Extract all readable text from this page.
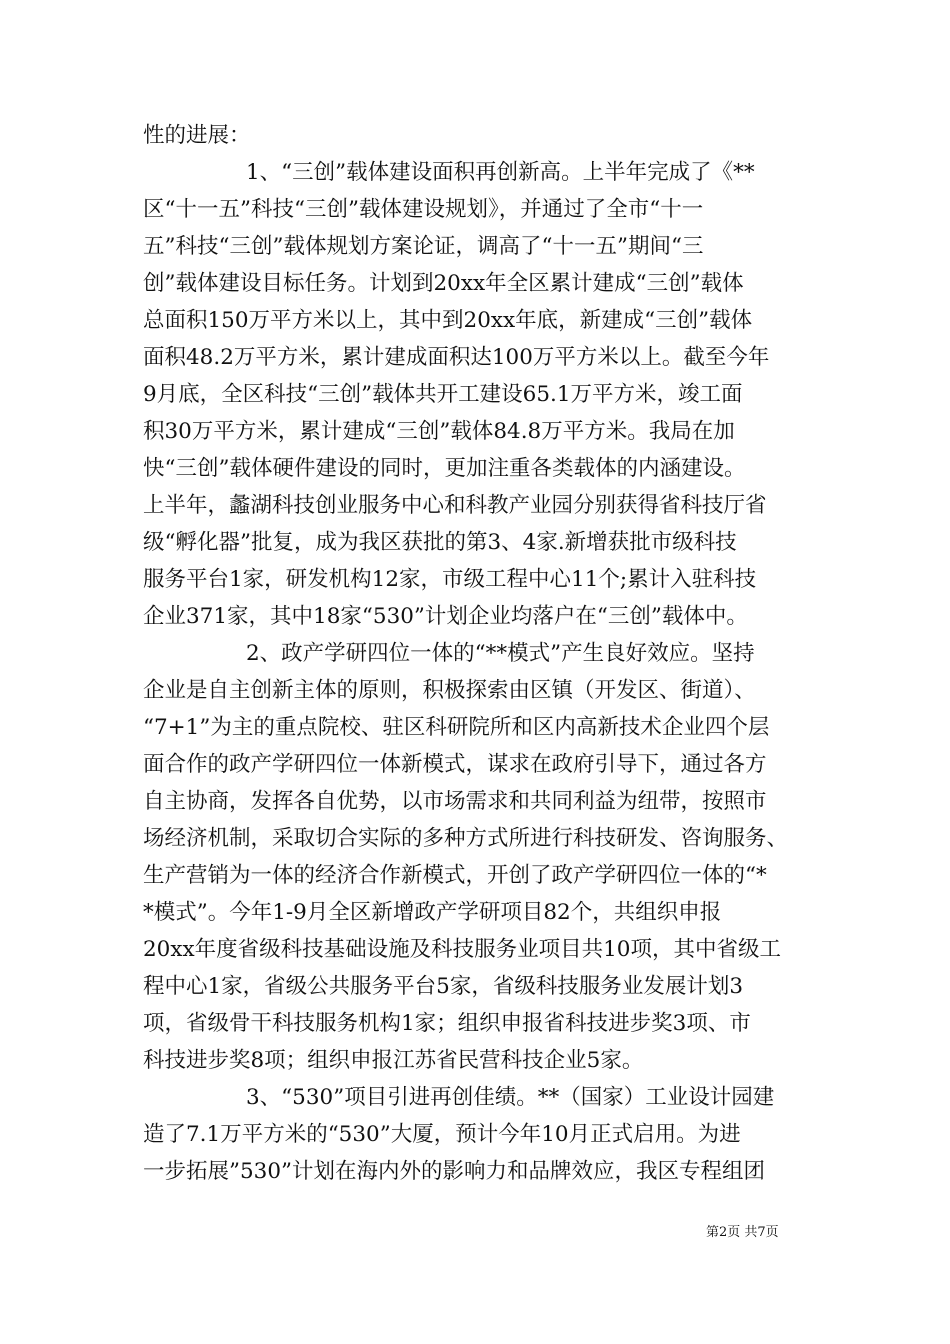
性的进展：
1、“三创”载体建设面积再创新高。上半年完成了《**
区“十一五”科技“三创”载体建设规划》，并通过了全市“十一
五”科技“三创”载体规划方案论证，调高了“十一五”期间“三
创”载体建设目标任务。计划到20xx年全区累计建成“三创”载体
总面积150万平方米以上，其中到20xx年底，新建成“三创”载体
面积48.2万平方米，累计建成面积达100万平方米以上。截至今年
9月底，全区科技“三创”载体共开工建设65.1万平方米，竣工面
积30万平方米，累计建成“三创”载体84.8万平方米。我局在加
快“三创”载体硬件建设的同时，更加注重各类载体的内涵建设。
上半年，蠡湖科技创业服务中心和科教产业园分别获得省科技厅省
级“孵化器”批复，成为我区获批的第3、4家.新增获批市级科技
服务平台1家，研发机构12家，市级工程中心11个;累计入驻科技
企业371家，其中18家“530”计划企业均落户在“三创”载体中。
2、政产学研四位一体的“**模式”产生良好效应。坚持
企业是自主创新主体的原则，积极探索由区镇（开发区、街道）、
“7+1”为主的重点院校、驻区科研院所和区内高新技术企业四个层
面合作的政产学研四位一体新模式，谋求在政府引导下，通过各方
自主协商，发挥各自优势，以市场需求和共同利益为纽带，按照市
场经济机制，采取切合实际的多种方式所进行科技研发、咨询服务、
生产营销为一体的经济合作新模式，开创了政产学研四位一体的“*
*模式”。今年1-9月全区新增政产学研项目82个，共组织申报
20xx年度省级科技基础设施及科技服务业项目共10项，其中省级工
程中心1家，省级公共服务平台5家，省级科技服务业发展计划3
项，省级骨干科技服务机构1家；组织申报省科技进步奖3项、市
科技进步奖8项；组织申报江苏省民营科技企业5家。
3、“530”项目引进再创佳绩。**（国家）工业设计园建
造了7.1万平方米的“530”大厦，预计今年10月正式启用。为进
一步拓展”530”计划在海内外的影响力和品牌效应，我区专程组团
第2页 共7页
